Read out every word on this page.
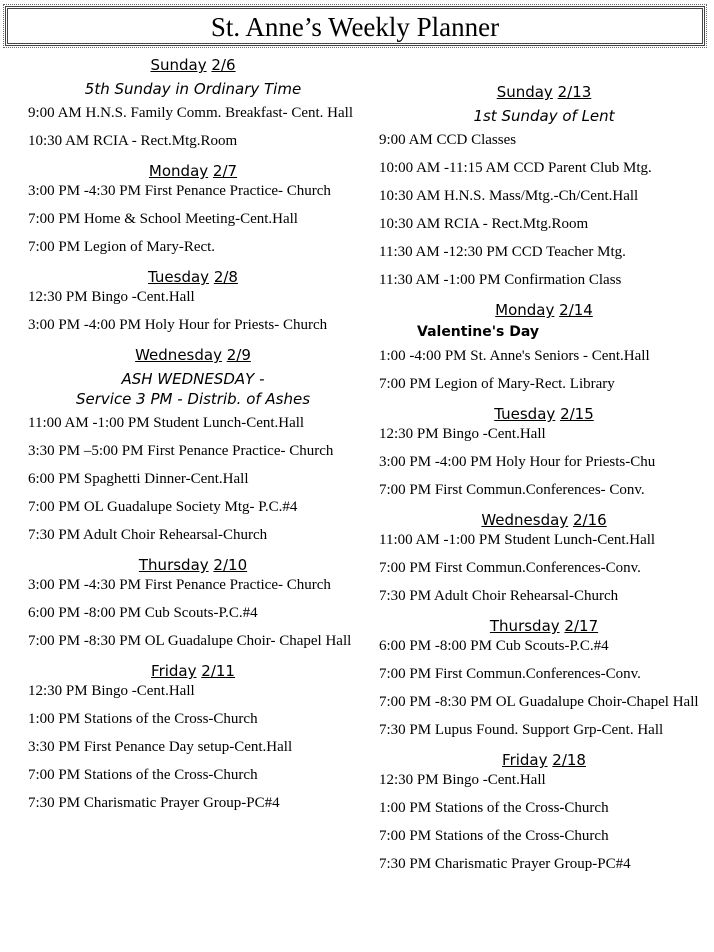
St. Anne’s Weekly Planner
Sunday 2/6
5th Sunday in Ordinary Time
9:00 AM H.N.S. Family Comm. Breakfast- Cent. Hall
10:30 AM RCIA - Rect.Mtg.Room
Monday 2/7
3:00 PM -4:30 PM First Penance Practice- Church
7:00 PM Home & School Meeting-Cent.Hall
7:00 PM Legion of Mary-Rect.
Tuesday 2/8
12:30 PM Bingo -Cent.Hall
3:00 PM -4:00 PM Holy Hour for Priests- Church
Wednesday 2/9
ASH WEDNESDAY -
Service 3 PM - Distrib. of Ashes
11:00 AM -1:00 PM Student Lunch-Cent.Hall
3:30 PM –5:00 PM First Penance Practice- Church
6:00 PM Spaghetti Dinner-Cent.Hall
7:00 PM OL Guadalupe Society Mtg- P.C.#4
7:30 PM Adult Choir Rehearsal-Church
Thursday 2/10
3:00 PM -4:30 PM First Penance Practice- Church
6:00 PM -8:00 PM Cub Scouts-P.C.#4
7:00 PM -8:30 PM OL Guadalupe Choir- Chapel Hall
Friday 2/11
12:30 PM Bingo -Cent.Hall
1:00 PM Stations of the Cross-Church
3:30 PM First Penance Day setup-Cent.Hall
7:00 PM Stations of the Cross-Church
7:30 PM Charismatic Prayer Group-PC#4
Sunday 2/13
1st Sunday of Lent
9:00 AM CCD Classes
10:00 AM -11:15 AM CCD Parent Club Mtg.
10:30 AM H.N.S. Mass/Mtg.-Ch/Cent.Hall
10:30 AM RCIA - Rect.Mtg.Room
11:30 AM -12:30 PM CCD Teacher Mtg.
11:30 AM -1:00 PM Confirmation Class
Monday 2/14
Valentine's Day
1:00 -4:00 PM St. Anne's Seniors - Cent.Hall
7:00 PM Legion of Mary-Rect. Library
Tuesday 2/15
12:30 PM Bingo -Cent.Hall
3:00 PM -4:00 PM Holy Hour for Priests-Chu
7:00 PM First Commun.Conferences- Conv.
Wednesday 2/16
11:00 AM -1:00 PM Student Lunch-Cent.Hall
7:00 PM First Commun.Conferences-Conv.
7:30 PM Adult Choir Rehearsal-Church
Thursday 2/17
6:00 PM -8:00 PM Cub Scouts-P.C.#4
7:00 PM First Commun.Conferences-Conv.
7:00 PM -8:30 PM OL Guadalupe Choir-Chapel Hall
7:30 PM Lupus Found. Support Grp-Cent. Hall
Friday 2/18
12:30 PM Bingo -Cent.Hall
1:00 PM Stations of the Cross-Church
7:00 PM Stations of the Cross-Church
7:30 PM Charismatic Prayer Group-PC#4
